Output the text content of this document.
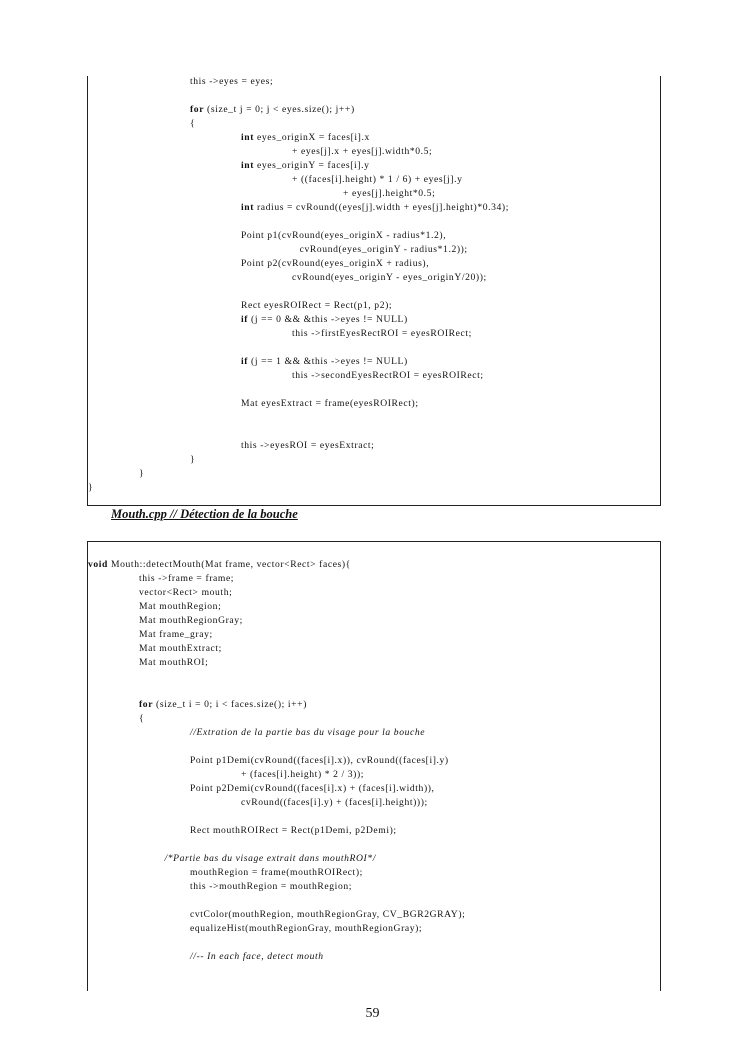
this ->eyes = eyes;
for (size_t j = 0; j < eyes.size(); j++)
{
int eyes_originX = faces[i].x
+ eyes[j].x + eyes[j].width*0.5;
int eyes_originY = faces[i].y
+ ((faces[i].height) * 1 / 6) + eyes[j].y
+ eyes[j].height*0.5;
int radius = cvRound((eyes[j].width + eyes[j].height)*0.34);
Point p1(cvRound(eyes_originX - radius*1.2),
cvRound(eyes_originY - radius*1.2));
Point p2(cvRound(eyes_originX + radius),
cvRound(eyes_originY - eyes_originY/20));
Rect eyesROIRect = Rect(p1, p2);
if (j == 0 && &this ->eyes != NULL)
this ->firstEyesRectROI = eyesROIRect;
if (j == 1 && &this ->eyes != NULL)
this ->secondEyesRectROI = eyesROIRect;
Mat eyesExtract = frame(eyesROIRect);
this ->eyesROI = eyesExtract;
}
}
}
Mouth.cpp // Détection de la bouche
void Mouth::detectMouth(Mat frame, vector<Rect> faces){
this ->frame = frame;
vector<Rect> mouth;
Mat mouthRegion;
Mat mouthRegionGray;
Mat frame_gray;
Mat mouthExtract;
Mat mouthROI;
for (size_t i = 0; i < faces.size(); i++)
{
//Extration de la partie bas du visage pour la bouche
Point p1Demi(cvRound((faces[i].x)), cvRound((faces[i].y)
+ (faces[i].height) * 2 / 3));
Point p2Demi(cvRound((faces[i].x) + (faces[i].width)),
cvRound((faces[i].y) + (faces[i].height)));
Rect mouthROIRect = Rect(p1Demi, p2Demi);
/*Partie bas du visage extrait dans mouthROI*/
mouthRegion = frame(mouthROIRect);
this ->mouthRegion = mouthRegion;
cvtColor(mouthRegion, mouthRegionGray, CV_BGR2GRAY);
equalizeHist(mouthRegionGray, mouthRegionGray);
//-- In each face, detect mouth
59
